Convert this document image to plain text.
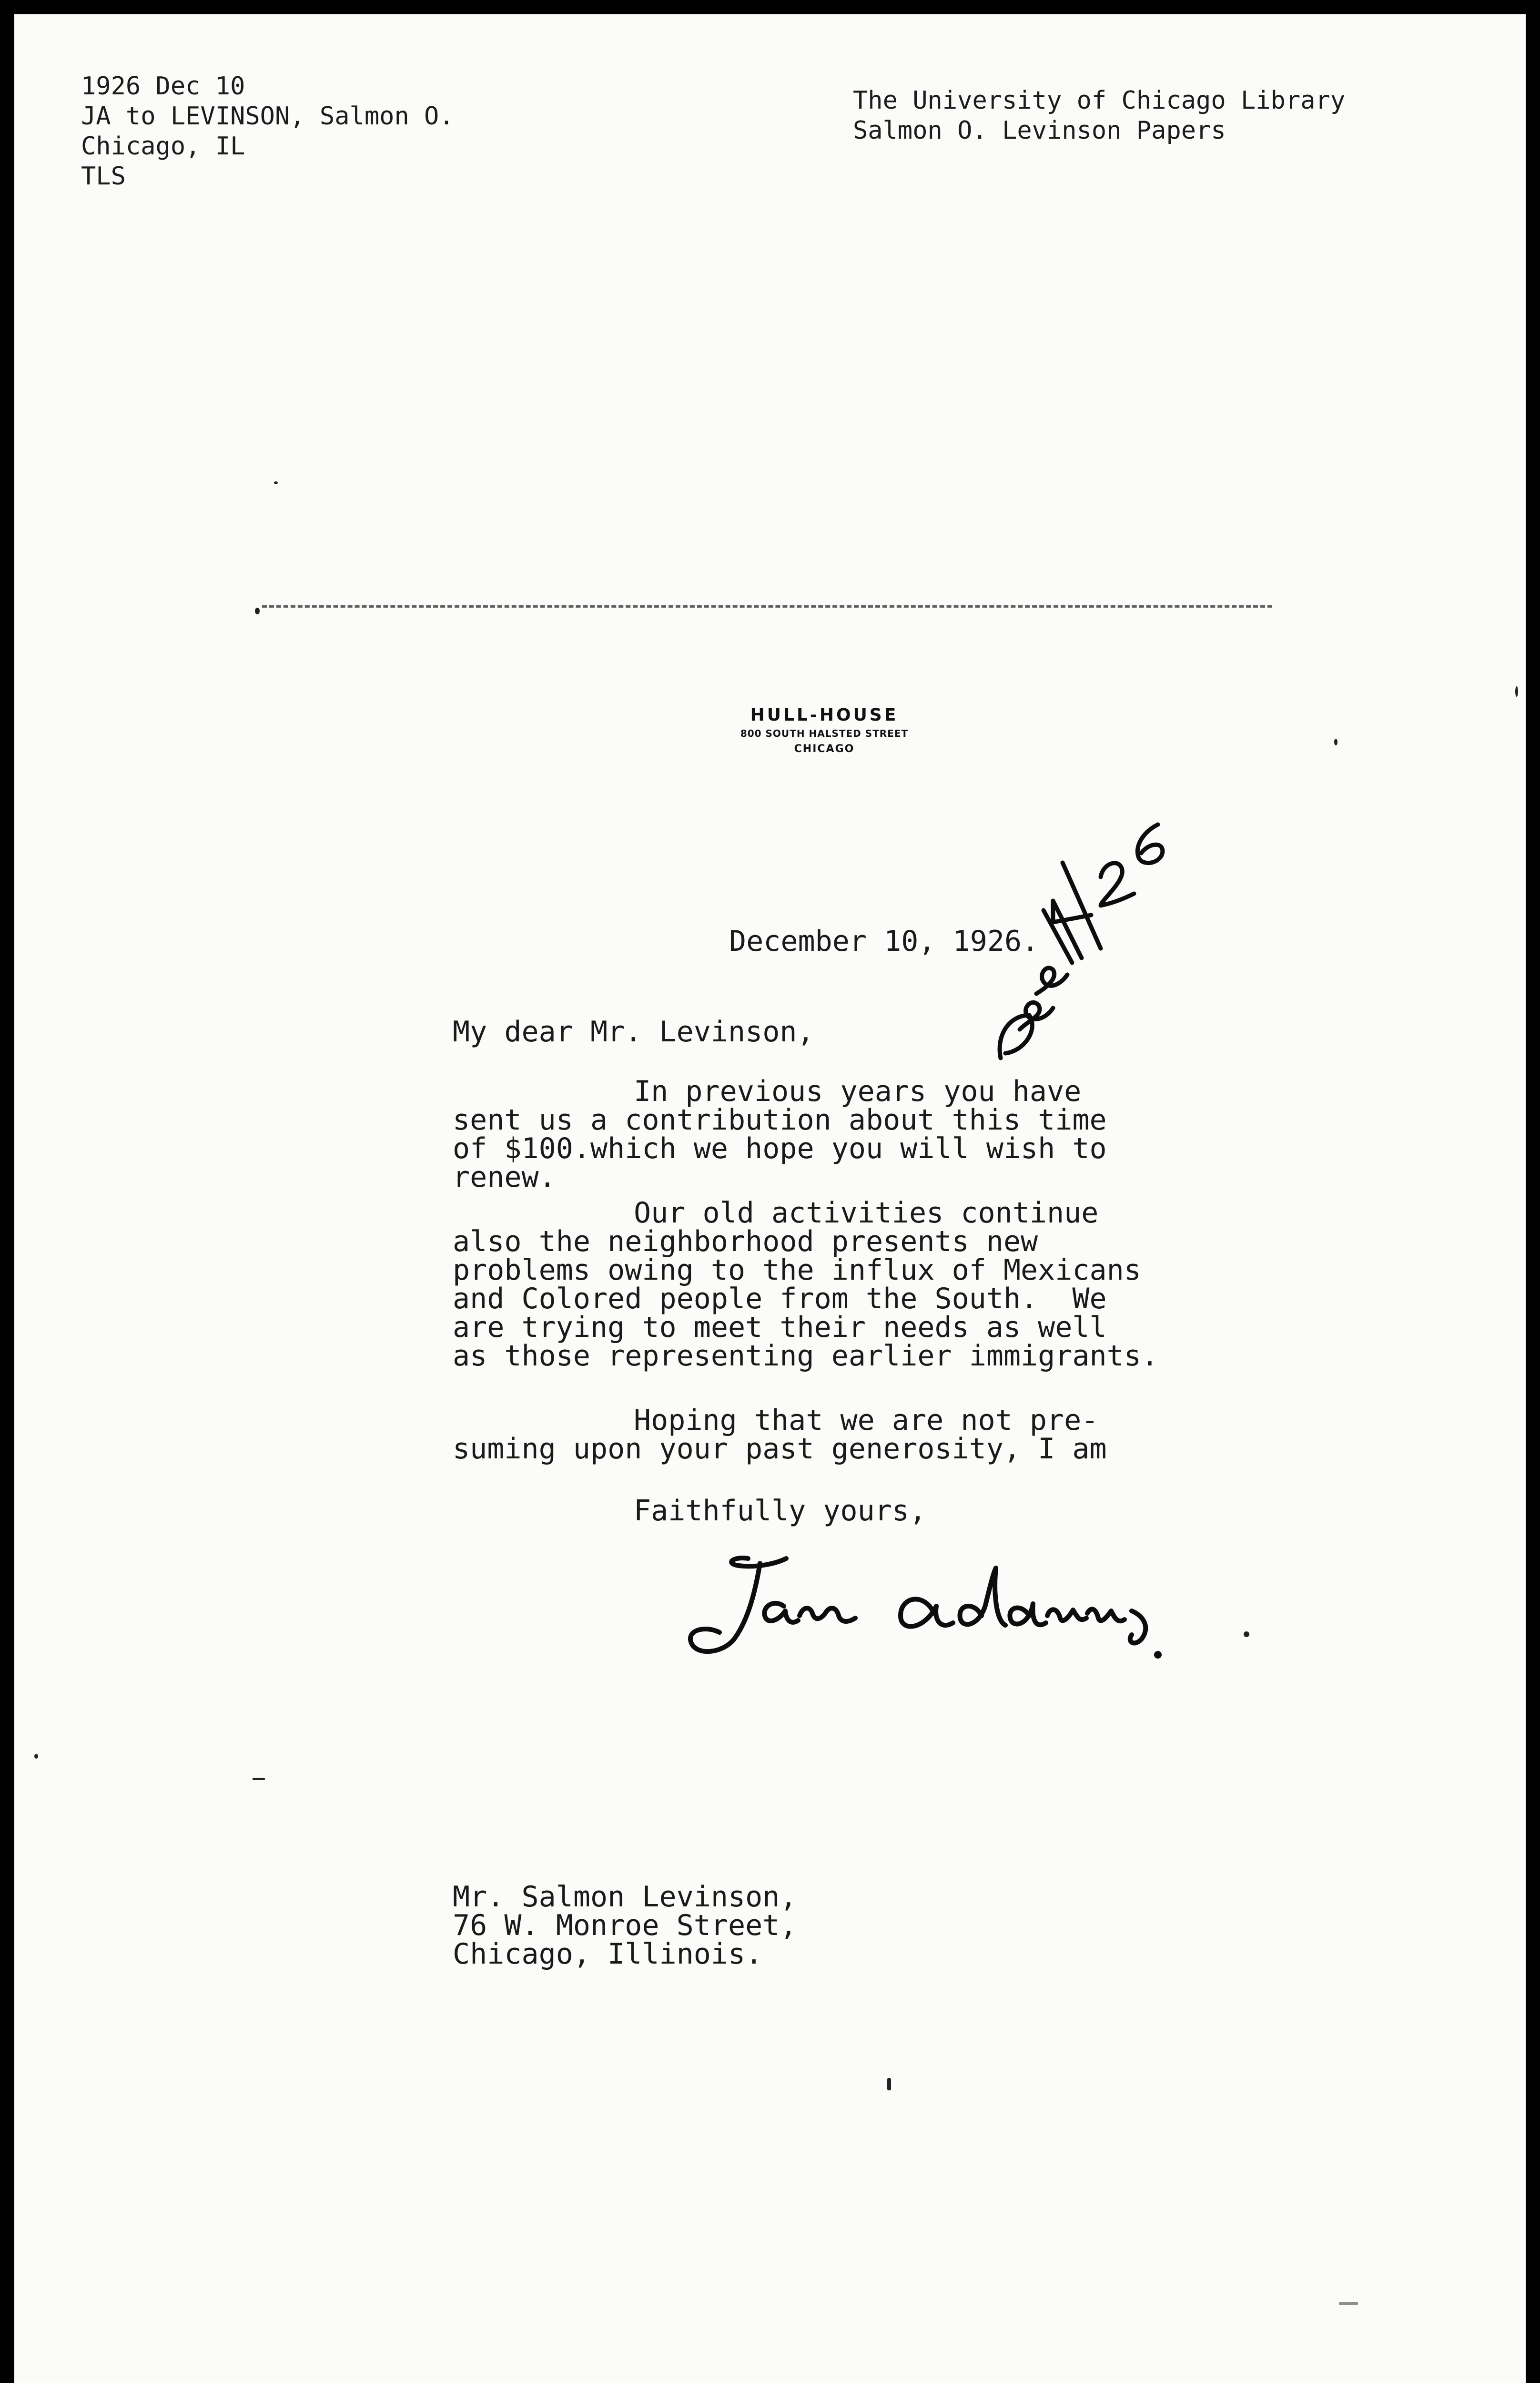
1926 Dec 10
JA to LEVINSON, Salmon O.
Chicago, IL
TLS
The University of Chicago Library
Salmon O. Levinson Papers
HULL-HOUSE
800 SOUTH HALSTED STREET
CHICAGO
December 10, 1926.
My dear Mr. Levinson,
In previous years you have
sent us a contribution about this time
of $100.which we hope you will wish to
renew.
Our old activities continue
also the neighborhood presents new
problems owing to the influx of Mexicans
and Colored people from the South.  We
are trying to meet their needs as well
as those representing earlier immigrants.
Hoping that we are not pre-
suming upon your past generosity, I am
Faithfully yours,
Mr. Salmon Levinson,
76 W. Monroe Street,
Chicago, Illinois.
